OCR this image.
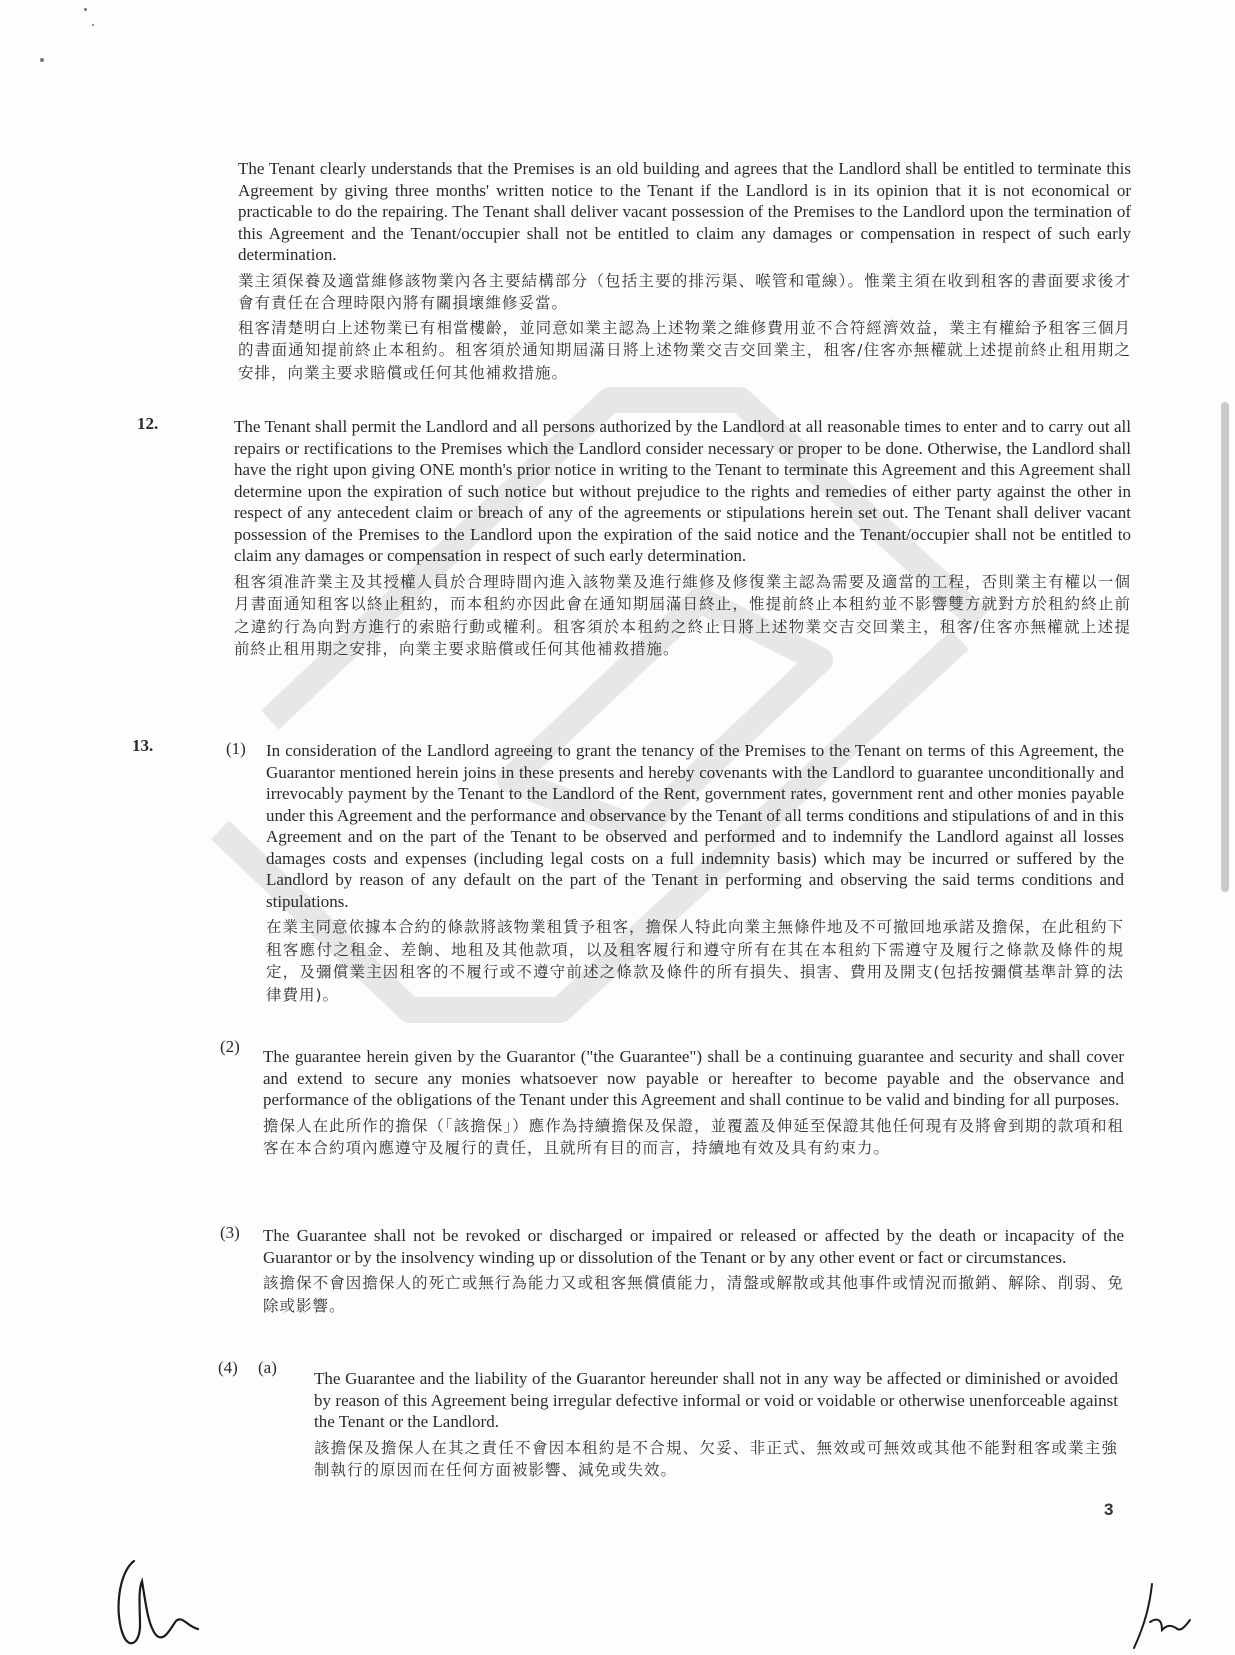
The Tenant clearly understands that the Premises is an old building and agrees that the Landlord shall be entitled to terminate this Agreement by giving three months' written notice to the Tenant if the Landlord is in its opinion that it is not economical or practicable to do the repairing. The Tenant shall deliver vacant possession of the Premises to the Landlord upon the termination of this Agreement and the Tenant/occupier shall not be entitled to claim any damages or compensation in respect of such early determination.

業主須保養及適當維修該物業內各主要結構部分（包括主要的排污渠、喉管和電線）。惟業主須在收到租客的書面要求後才會有責任在合理時限內將有關損壞維修妥當。

租客清楚明白上述物業已有相當樓齡，並同意如業主認為上述物業之維修費用並不合符經濟效益，業主有權給予租客三個月的書面通知提前終止本租約。租客須於通知期屆滿日將上述物業交吉交回業主，租客/住客亦無權就上述提前終止租用期之安排，向業主要求賠償或任何其他補救措施。

12.	The Tenant shall permit the Landlord and all persons authorized by the Landlord at all reasonable times to enter and to carry out all repairs or rectifications to the Premises which the Landlord consider necessary or proper to be done. Otherwise, the Landlord shall have the right upon giving ONE month's prior notice in writing to the Tenant to terminate this Agreement and this Agreement shall determine upon the expiration of such notice but without prejudice to the rights and remedies of either party against the other in respect of any antecedent claim or breach of any of the agreements or stipulations herein set out. The Tenant shall deliver vacant possession of the Premises to the Landlord upon the expiration of the said notice and the Tenant/occupier shall not be entitled to claim any damages or compensation in respect of such early determination.

租客須准許業主及其授權人員於合理時間內進入該物業及進行維修及修復業主認為需要及適當的工程，否則業主有權以一個月書面通知租客以終止租約，而本租約亦因此會在通知期屆滿日終止，惟提前終止本租約並不影響雙方就對方於租約終止前之違約行為向對方進行的索賠行動或權利。租客須於本租約之終止日將上述物業交吉交回業主，租客/住客亦無權就上述提前終止租用期之安排，向業主要求賠償或任何其他補救措施。

13.	(1) In consideration of the Landlord agreeing to grant the tenancy of the Premises to the Tenant on terms of this Agreement, the Guarantor mentioned herein joins in these presents and hereby covenants with the Landlord to guarantee unconditionally and irrevocably payment by the Tenant to the Landlord of the Rent, government rates, government rent and other monies payable under this Agreement and the performance and observance by the Tenant of all terms conditions and stipulations of and in this Agreement and on the part of the Tenant to be observed and performed and to indemnify the Landlord against all losses damages costs and expenses (including legal costs on a full indemnity basis) which may be incurred or suffered by the Landlord by reason of any default on the part of the Tenant in performing and observing the said terms conditions and stipulations.

在業主同意依據本合約的條款將該物業租賃予租客，擔保人特此向業主無條件地及不可撤回地承諾及擔保，在此租約下租客應付之租金、差餉、地租及其他款項，以及租客履行和遵守所有在其在本租約下需遵守及履行之條款及條件的規定，及彌償業主因租客的不履行或不遵守前述之條款及條件的所有損失、損害、費用及開支(包括按彌償基準計算的法律費用)。

(2)

The guarantee herein given by the Guarantor ("the Guarantee") shall be a continuing guarantee and security and shall cover and extend to secure any monies whatsoever now payable or hereafter to become payable and the observance and performance of the obligations of the Tenant under this Agreement and shall continue to be valid and binding for all purposes.

擔保人在此所作的擔保（「該擔保」）應作為持續擔保及保證，並覆蓋及伸延至保證其他任何現有及將會到期的款項和租客在本合約項內應遵守及履行的責任，且就所有目的而言，持續地有效及具有約束力。

(3) The Guarantee shall not be revoked or discharged or impaired or released or affected by the death or incapacity of the Guarantor or by the insolvency winding up or dissolution of the Tenant or by any other event or fact or circumstances.

該擔保不會因擔保人的死亡或無行為能力又或租客無償債能力，清盤或解散或其他事件或情況而撤銷、解除、削弱、免除或影響。

(4) (a)

The Guarantee and the liability of the Guarantor hereunder shall not in any way be affected or diminished or avoided by reason of this Agreement being irregular defective informal or void or voidable or otherwise unenforceable against the Tenant or the Landlord.

該擔保及擔保人在其之責任不會因本租約是不合規、欠妥、非正式、無效或可無效或其他不能對租客或業主強制執行的原因而在任何方面被影響、減免或失效。

3
